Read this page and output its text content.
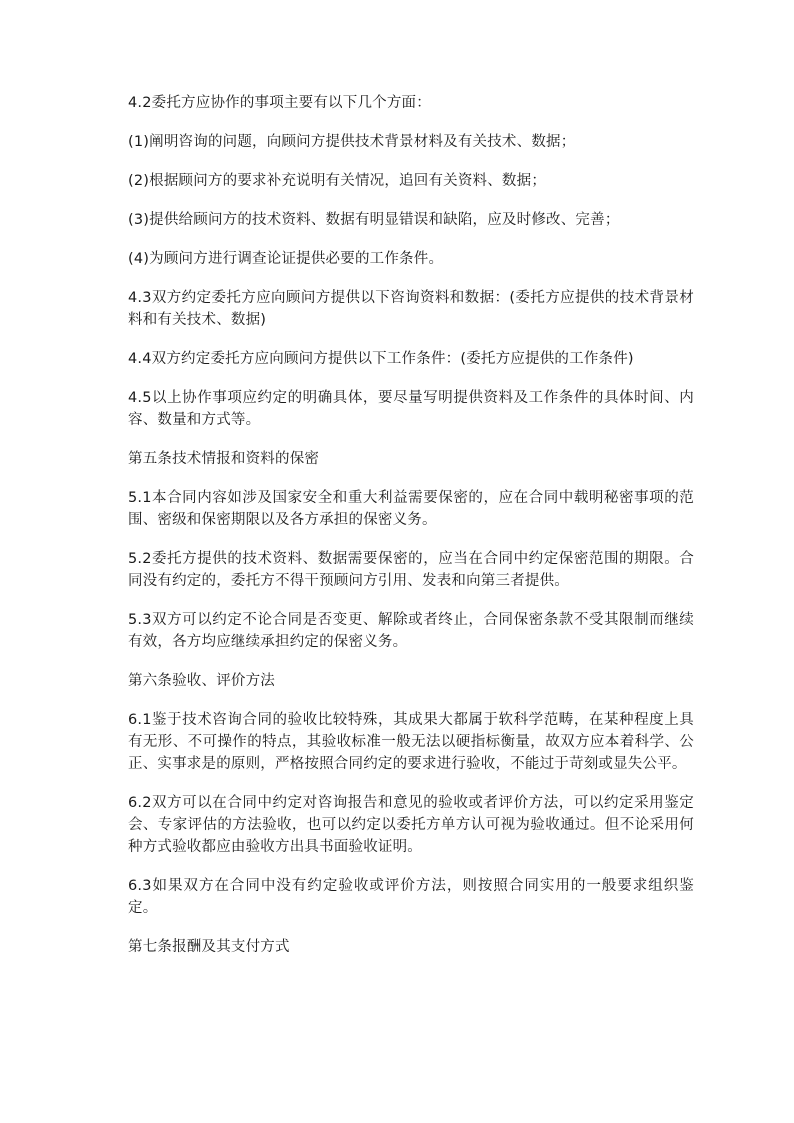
4.2委托方应协作的事项主要有以下几个方面：

(1)阐明咨询的问题，向顾问方提供技术背景材料及有关技术、数据；

(2)根据顾问方的要求补充说明有关情况，追回有关资料、数据；

(3)提供给顾问方的技术资料、数据有明显错误和缺陷，应及时修改、完善；

(4)为顾问方进行调查论证提供必要的工作条件。

4.3双方约定委托方应向顾问方提供以下咨询资料和数据：(委托方应提供的技术背景材料和有关技术、数据)

4.4双方约定委托方应向顾问方提供以下工作条件：(委托方应提供的工作条件)

4.5以上协作事项应约定的明确具体，要尽量写明提供资料及工作条件的具体时间、内容、数量和方式等。

第五条技术情报和资料的保密

5.1本合同内容如涉及国家安全和重大利益需要保密的，应在合同中载明秘密事项的范围、密级和保密期限以及各方承担的保密义务。

5.2委托方提供的技术资料、数据需要保密的，应当在合同中约定保密范围的期限。合同没有约定的，委托方不得干预顾问方引用、发表和向第三者提供。

5.3双方可以约定不论合同是否变更、解除或者终止，合同保密条款不受其限制而继续有效，各方均应继续承担约定的保密义务。

第六条验收、评价方法

6.1鉴于技术咨询合同的验收比较特殊，其成果大都属于软科学范畴，在某种程度上具有无形、不可操作的特点，其验收标准一般无法以硬指标衡量，故双方应本着科学、公正、实事求是的原则，严格按照合同约定的要求进行验收，不能过于苛刻或显失公平。

6.2双方可以在合同中约定对咨询报告和意见的验收或者评价方法，可以约定采用鉴定会、专家评估的方法验收，也可以约定以委托方单方认可视为验收通过。但不论采用何种方式验收都应由验收方出具书面验收证明。

6.3如果双方在合同中没有约定验收或评价方法，则按照合同实用的一般要求组织鉴定。

第七条报酬及其支付方式
